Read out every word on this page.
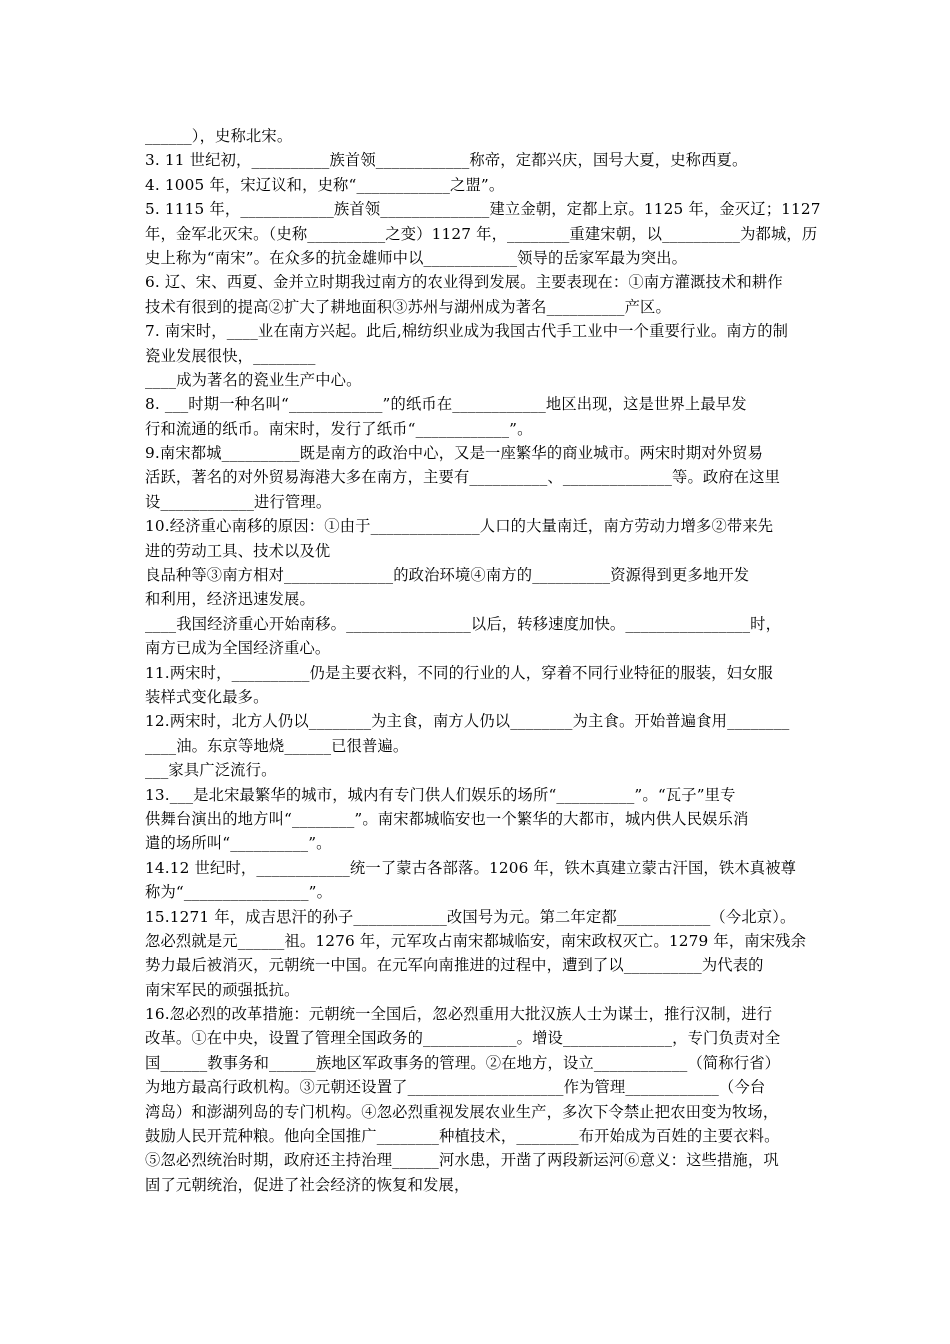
______），史称北宋。
3. 11 世纪初，__________族首领____________称帝，定都兴庆，国号大夏，史称西夏。
4. 1005 年，宋辽议和，史称“____________之盟”。
5. 1115 年，____________族首领______________建立金朝，定都上京。1125 年，金灭辽；1127
年，金军北灭宋。（史称__________之变）1127 年，________重建宋朝，以__________为都城，历
史上称为“南宋”。在众多的抗金雄师中以____________领导的岳家军最为突出。
6. 辽、宋、西夏、金并立时期我过南方的农业得到发展。主要表现在：①南方灌溉技术和耕作
技术有很到的提高②扩大了耕地面积③苏州与湖州成为著名__________产区。
7. 南宋时，____业在南方兴起。此后,棉纺织业成为我国古代手工业中一个重要行业。南方的制
瓷业发展很快，________
____成为著名的瓷业生产中心。
8. ___时期一种名叫“____________”的纸币在____________地区出现，这是世界上最早发
行和流通的纸币。南宋时，发行了纸币“____________”。
9.南宋都城__________既是南方的政治中心，又是一座繁华的商业城市。两宋时期对外贸易
活跃，著名的对外贸易海港大多在南方，主要有__________、______________等。政府在这里
设____________进行管理。
10.经济重心南移的原因：①由于______________人口的大量南迁，南方劳动力增多②带来先
进的劳动工具、技术以及优
良品种等③南方相对______________的政治环境④南方的__________资源得到更多地开发
和利用，经济迅速发展。
____我国经济重心开始南移。________________以后，转移速度加快。________________时，
南方已成为全国经济重心。
11.两宋时，__________仍是主要衣料，不同的行业的人，穿着不同行业特征的服装，妇女服
装样式变化最多。
12.两宋时，北方人仍以________为主食，南方人仍以________为主食。开始普遍食用________
____油。东京等地烧______已很普遍。
___家具广泛流行。
13.___是北宋最繁华的城市，城内有专门供人们娱乐的场所“__________”。“瓦子”里专
供舞台演出的地方叫“________”。南宋都城临安也一个繁华的大都市，城内供人民娱乐消
遣的场所叫“__________”。
14.12 世纪时，____________统一了蒙古各部落。1206 年，铁木真建立蒙古汗国，铁木真被尊
称为“________________”。
15.1271 年，成吉思汗的孙子____________改国号为元。第二年定都____________（今北京）。
忽必烈就是元______祖。1276 年，元军攻占南宋都城临安，南宋政权灭亡。1279 年，南宋残余
势力最后被消灭，元朝统一中国。在元军向南推进的过程中，遭到了以__________为代表的
南宋军民的顽强抵抗。
16.忽必烈的改革措施：元朝统一全国后，忽必烈重用大批汉族人士为谋士，推行汉制，进行
改革。①在中央，设置了管理全国政务的____________。增设______________，专门负责对全
国______教事务和______族地区军政事务的管理。②在地方，设立____________（简称行省）
为地方最高行政机构。③元朝还设置了____________________作为管理____________（今台
湾岛）和澎湖列岛的专门机构。④忽必烈重视发展农业生产，多次下令禁止把农田变为牧场，
鼓励人民开荒种粮。他向全国推广________种植技术，________布开始成为百姓的主要衣料。
⑤忽必烈统治时期，政府还主持治理______河水患，开凿了两段新运河⑥意义：这些措施，巩
固了元朝统治，促进了社会经济的恢复和发展，
